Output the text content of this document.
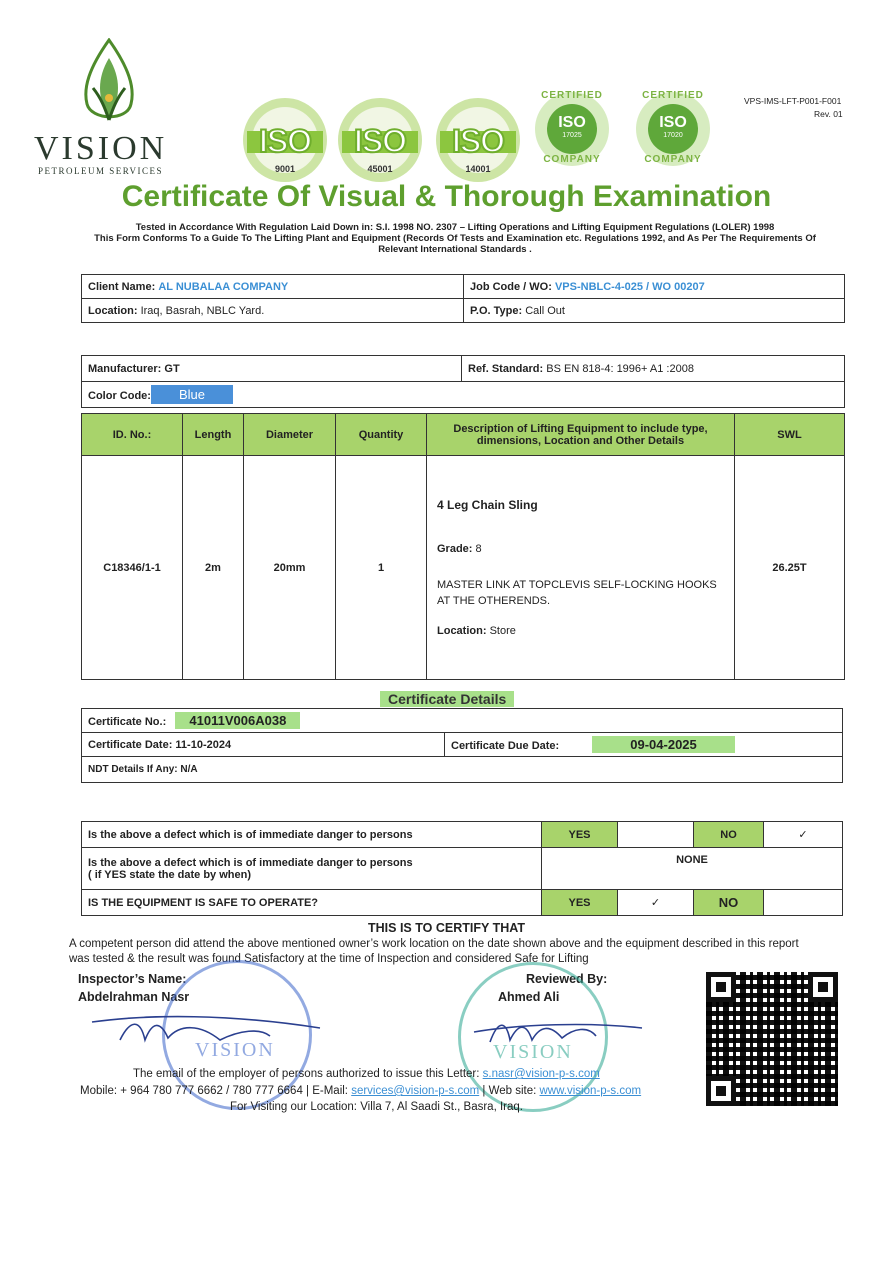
VISION
PETROLEUM SERVICES
VPS-IMS-LFT-P001-F001
Rev. 01
ISO
9001
ISO
45001
ISO
14001
CERTIFIED
ISO
17025
COMPANY
CERTIFIED
ISO
17020
COMPANY
Certificate Of Visual & Thorough Examination
Tested in Accordance With Regulation Laid Down in: S.I. 1998 NO. 2307 – Lifting Operations and Lifting Equipment Regulations (LOLER) 1998
This Form Conforms To a Guide To The Lifting Plant and Equipment (Records Of Tests and Examination etc. Regulations 1992, and As Per The Requirements Of
Relevant International Standards .
Client Name: AL NUBALAA COMPANY	Job Code / WO: VPS-NBLC-4-025 / WO 00207
Location: Iraq, Basrah, NBLC Yard.	P.O. Type: Call Out
Manufacturer: GT	Ref. Standard: BS EN 818-4: 1996+ A1 :2008
Color Code: Blue
ID. No.:	Length	Diameter	Quantity	Description of Lifting Equipment to include type, dimensions, Location and Other Details	SWL
C18346/1-1	2m	20mm	1	4 Leg Chain Sling
Grade: 8
MASTER LINK AT TOPCLEVIS SELF-LOCKING HOOKS AT THE OTHERENDS.
Location: Store	26.25T
Certificate Details
Certificate No.: 41011V006A038
Certificate Date: 11-10-2024	Certificate Due Date:	09-04-2025
NDT Details If Any: N/A
Is the above a defect which is of immediate danger to persons	YES		NO	✓

Is the above a defect which is of immediate danger to persons
( if YES state the date by when)	NONE			
IS THE EQUIPMENT IS SAFE TO OPERATE?	YES	✓	NO	
THIS IS TO CERTIFY THAT
A competent person did attend the above mentioned owner’s work location on the date shown above and the equipment described in this report
was tested & the result was found Satisfactory at the time of Inspection and considered Safe for Lifting
Inspector’s Name:
Abdelrahman Nasr
Reviewed By:
Ahmed Ali
VISION	VISION
The email of the employer of persons authorized to issue this Letter: s.nasr@vision-p-s.com
Mobile: + 964 780 777 6662 / 780 777 6664 | E-Mail: services@vision-p-s.com | Web site: www.vision-p-s.com
For Visiting our Location: Villa 7, Al Saadi St., Basra, Iraq.
